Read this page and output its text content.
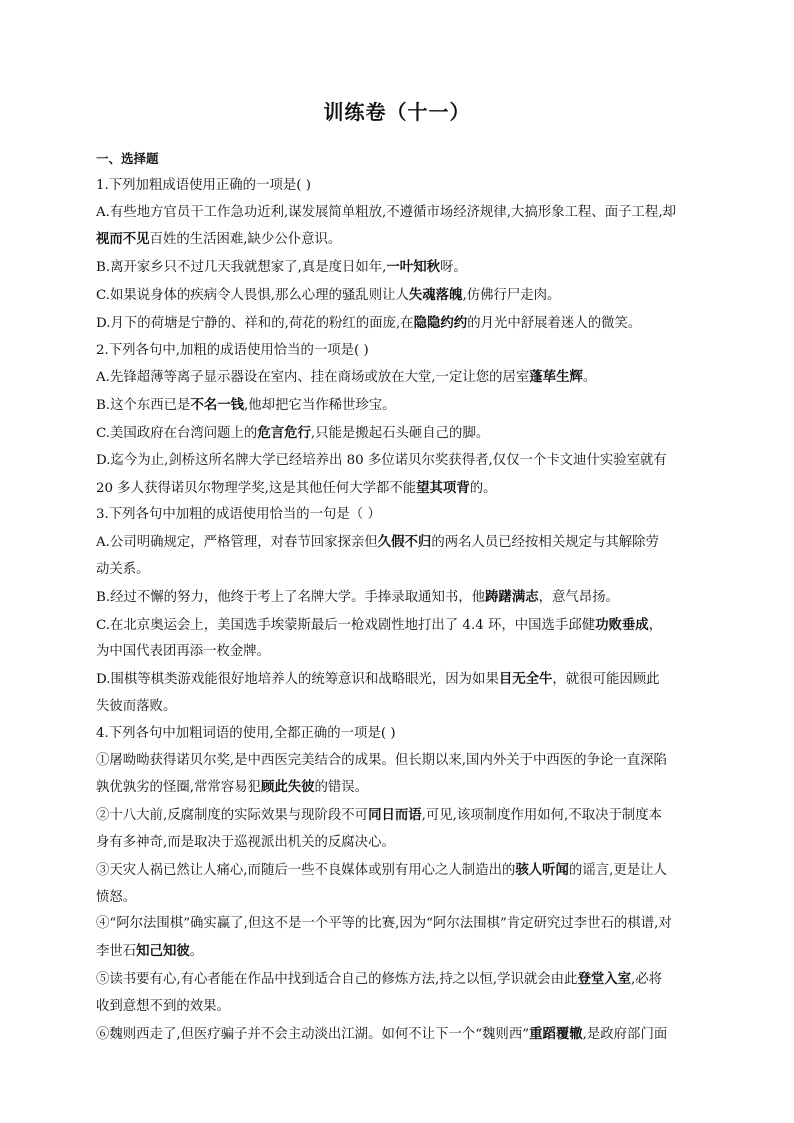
训练卷（十一）

一、选择题

1.下列加粗成语使用正确的一项是( )

A.有些地方官员干工作急功近利,谋发展简单粗放,不遵循市场经济规律,大搞形象工程、面子工程,却

视而不见百姓的生活困难,缺少公仆意识。

B.离开家乡只不过几天我就想家了,真是度日如年,一叶知秋呀。

C.如果说身体的疾病令人畏惧,那么心理的骚乱则让人失魂落魄,仿佛行尸走肉。

D.月下的荷塘是宁静的、祥和的,荷花的粉红的面庞,在隐隐约约的月光中舒展着迷人的微笑。

2.下列各句中,加粗的成语使用恰当的一项是( )

A.先锋超薄等离子显示器设在室内、挂在商场或放在大堂,一定让您的居室蓬荜生辉。

B.这个东西已是不名一钱,他却把它当作稀世珍宝。

C.美国政府在台湾问题上的危言危行,只能是搬起石头砸自己的脚。

D.迄今为止,剑桥这所名牌大学已经培养出 80 多位诺贝尔奖获得者,仅仅一个卡文迪什实验室就有

20 多人获得诺贝尔物理学奖,这是其他任何大学都不能望其项背的。

3.下列各句中加粗的成语使用恰当的一句是（ ）

A.公司明确规定，严格管理，对春节回家探亲但久假不归的两名人员已经按相关规定与其解除劳

动关系。

B.经过不懈的努力，他终于考上了名牌大学。手捧录取通知书，他踌躇满志，意气昂扬。

C.在北京奥运会上，美国选手埃蒙斯最后一枪戏剧性地打出了 4.4 环，中国选手邱健功败垂成，

为中国代表团再添一枚金牌。

D.围棋等棋类游戏能很好地培养人的统筹意识和战略眼光，因为如果目无全牛，就很可能因顾此

失彼而落败。

4.下列各句中加粗词语的使用,全都正确的一项是( )

①屠呦呦获得诺贝尔奖,是中西医完美结合的成果。但长期以来,国内外关于中西医的争论一直深陷

孰优孰劣的怪圈,常常容易犯顾此失彼的错误。

②十八大前,反腐制度的实际效果与现阶段不可同日而语,可见,该项制度作用如何,不取决于制度本

身有多神奇,而是取决于巡视派出机关的反腐决心。

③天灾人祸已然让人痛心,而随后一些不良媒体或别有用心之人制造出的骇人听闻的谣言,更是让人

愤怒。

④“阿尔法围棋”确实赢了,但这不是一个平等的比赛,因为“阿尔法围棋”肯定研究过李世石的棋谱,对

李世石知己知彼。

⑤读书要有心,有心者能在作品中找到适合自己的修炼方法,持之以恒,学识就会由此登堂入室,必将

收到意想不到的效果。

⑥魏则西走了,但医疗骗子并不会主动淡出江湖。如何不让下一个“魏则西”重蹈覆辙,是政府部门面
